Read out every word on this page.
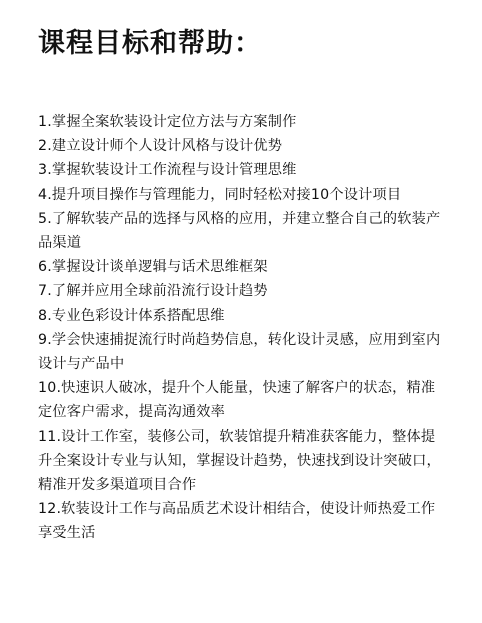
课程目标和帮助：
1.掌握全案软装设计定位方法与方案制作
2.建立设计师个人设计风格与设计优势
3.掌握软装设计工作流程与设计管理思维
4.提升项目操作与管理能力，同时轻松对接10个设计项目
5.了解软装产品的选择与风格的应用，并建立整合自己的软装产品渠道
6.掌握设计谈单逻辑与话术思维框架
7.了解并应用全球前沿流行设计趋势
8.专业色彩设计体系搭配思维
9.学会快速捕捉流行时尚趋势信息，转化设计灵感，应用到室内设计与产品中
10.快速识人破冰，提升个人能量，快速了解客户的状态，精准定位客户需求，提高沟通效率
11.设计工作室，装修公司，软装馆提升精准获客能力，整体提升全案设计专业与认知，掌握设计趋势，快速找到设计突破口，精准开发多渠道项目合作
12.软装设计工作与高品质艺术设计相结合，使设计师热爱工作享受生活
